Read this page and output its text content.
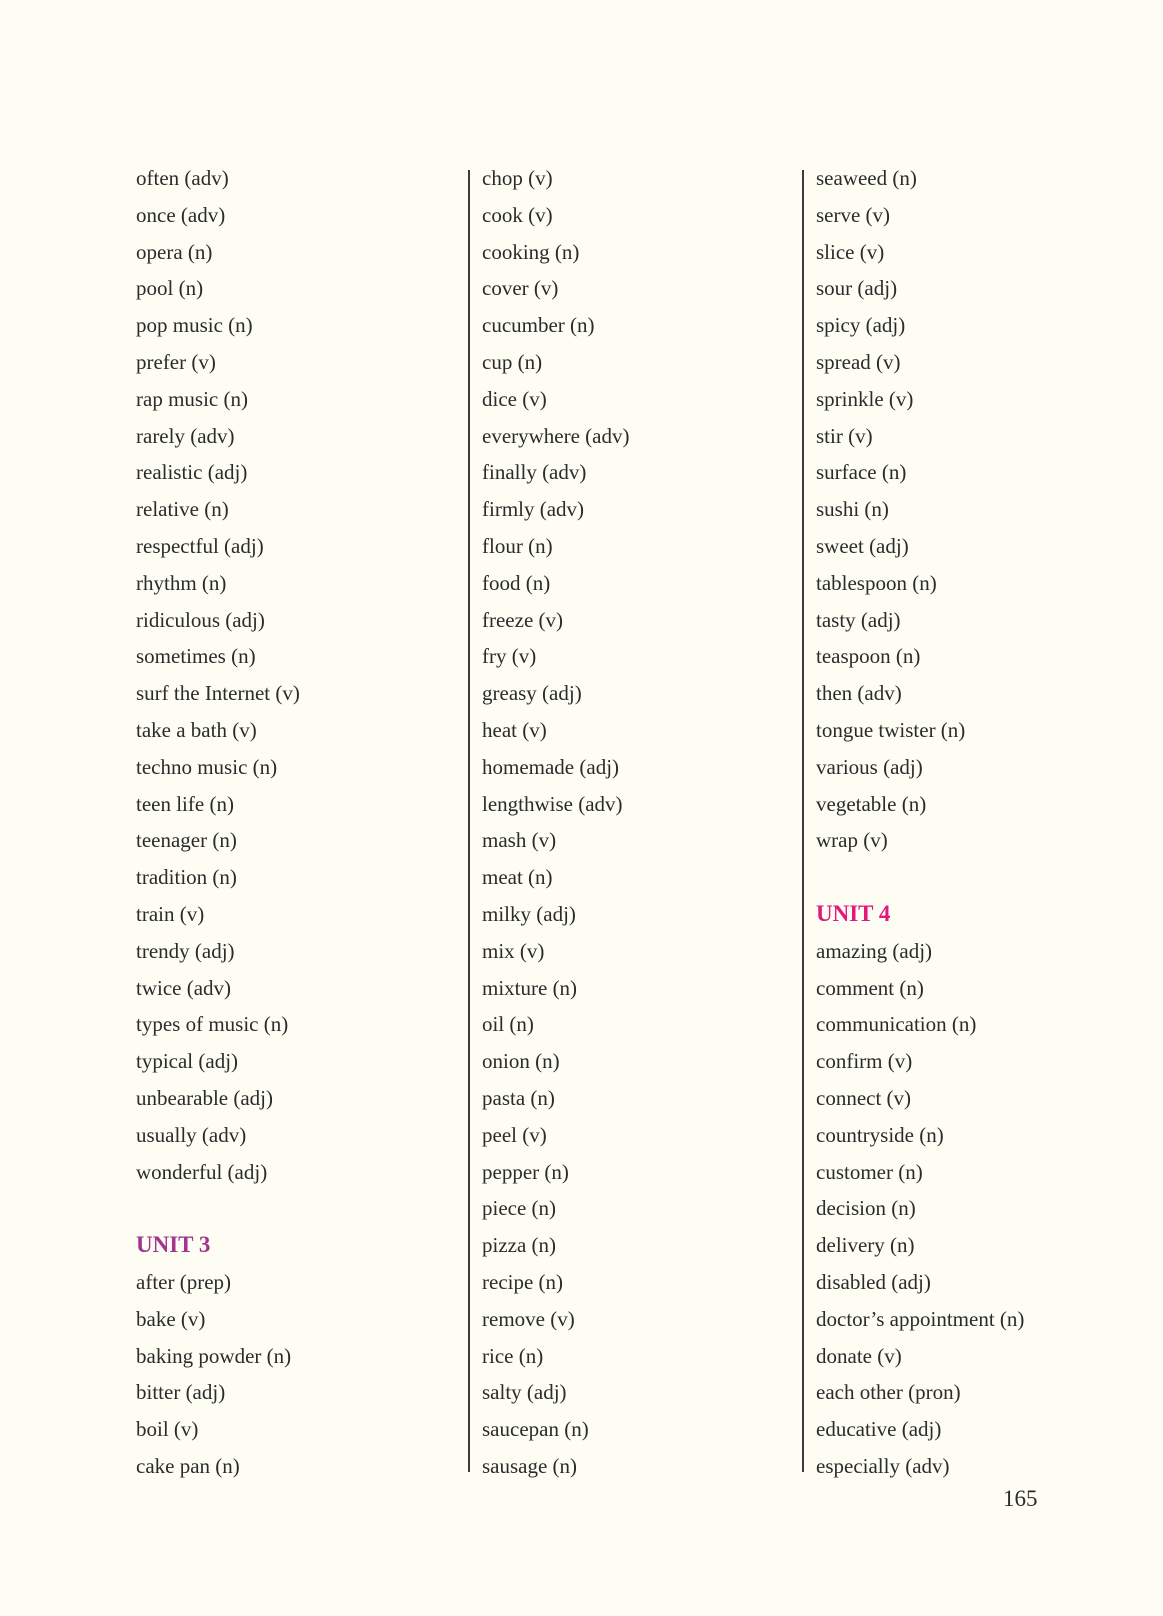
often (adv)
once (adv)
opera (n)
pool (n)
pop music (n)
prefer (v)
rap music (n)
rarely (adv)
realistic (adj)
relative (n)
respectful (adj)
rhythm (n)
ridiculous (adj)
sometimes (n)
surf the Internet (v)
take a bath (v)
techno music (n)
teen life (n)
teenager (n)
tradition (n)
train (v)
trendy (adj)
twice (adv)
types of music (n)
typical (adj)
unbearable (adj)
usually (adv)
wonderful (adj)
UNIT 3
after (prep)
bake (v)
baking powder (n)
bitter (adj)
boil (v)
cake pan (n)
chop (v)
cook (v)
cooking (n)
cover (v)
cucumber (n)
cup (n)
dice (v)
everywhere (adv)
finally (adv)
firmly (adv)
flour (n)
food (n)
freeze (v)
fry (v)
greasy (adj)
heat (v)
homemade (adj)
lengthwise (adv)
mash (v)
meat (n)
milky (adj)
mix (v)
mixture (n)
oil (n)
onion (n)
pasta (n)
peel (v)
pepper (n)
piece (n)
pizza (n)
recipe (n)
remove (v)
rice (n)
salty (adj)
saucepan (n)
sausage (n)
seaweed (n)
serve (v)
slice (v)
sour (adj)
spicy (adj)
spread (v)
sprinkle (v)
stir (v)
surface (n)
sushi (n)
sweet (adj)
tablespoon (n)
tasty (adj)
teaspoon (n)
then (adv)
tongue twister (n)
various (adj)
vegetable (n)
wrap (v)
UNIT 4
amazing (adj)
comment (n)
communication (n)
confirm (v)
connect (v)
countryside (n)
customer (n)
decision (n)
delivery (n)
disabled (adj)
doctor’s appointment (n)
donate (v)
each other (pron)
educative (adj)
especially (adv)
165
